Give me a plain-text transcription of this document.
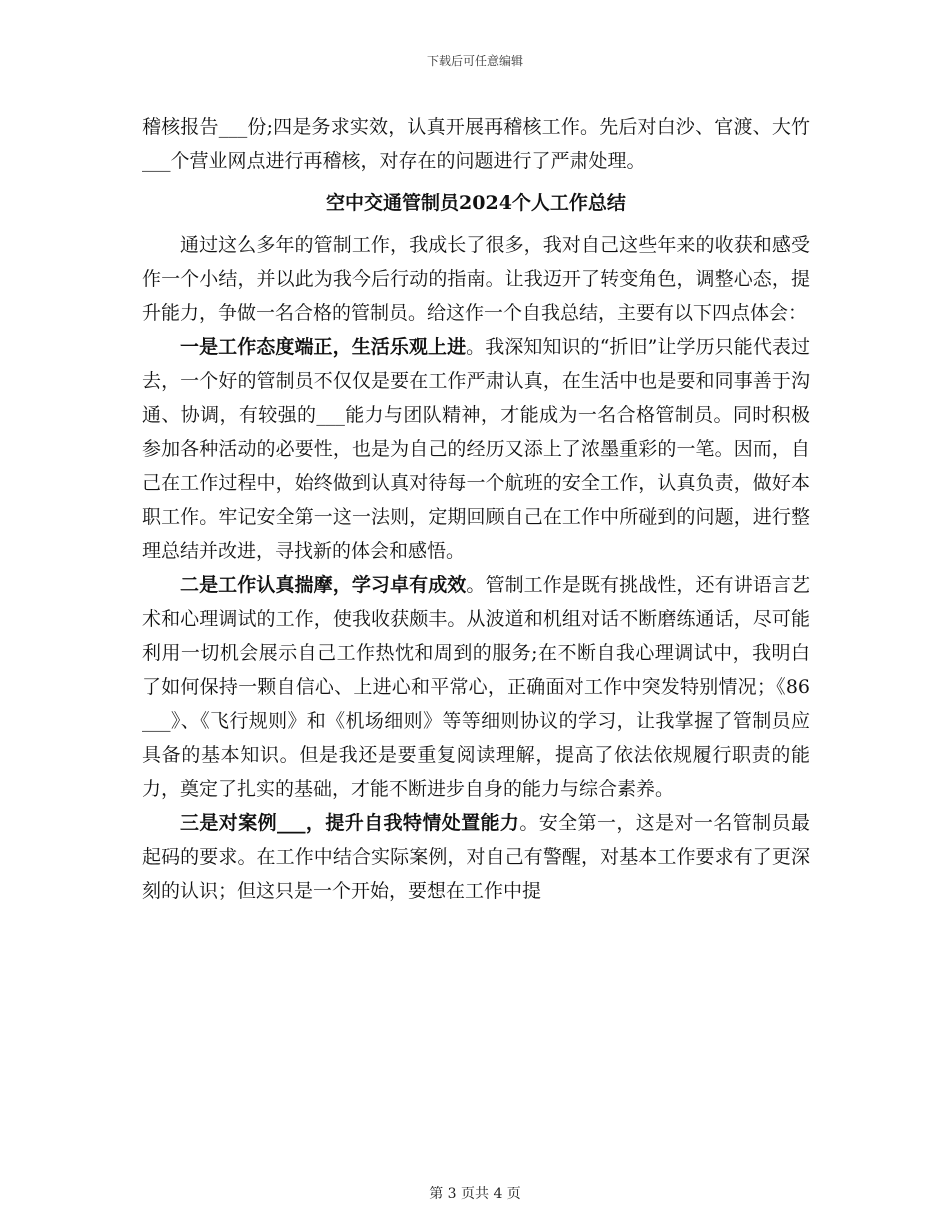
下载后可任意编辑

稽核报告___份;四是务求实效，认真开展再稽核工作。先后对白沙、官渡、大竹___个营业网点进行再稽核，对存在的问题进行了严肃处理。

空中交通管制员2024个人工作总结

通过这么多年的管制工作，我成长了很多，我对自己这些年来的收获和感受作一个小结，并以此为我今后行动的指南。让我迈开了转变角色，调整心态，提升能力，争做一名合格的管制员。给这作一个自我总结，主要有以下四点体会：

一是工作态度端正，生活乐观上进。我深知知识的“折旧”让学历只能代表过去，一个好的管制员不仅仅是要在工作严肃认真，在生活中也是要和同事善于沟通、协调，有较强的___能力与团队精神，才能成为一名合格管制员。同时积极参加各种活动的必要性，也是为自己的经历又添上了浓墨重彩的一笔。因而，自己在工作过程中，始终做到认真对待每一个航班的安全工作，认真负责，做好本职工作。牢记安全第一这一法则，定期回顾自己在工作中所碰到的问题，进行整理总结并改进，寻找新的体会和感悟。

二是工作认真揣摩，学习卓有成效。管制工作是既有挑战性，还有讲语言艺术和心理调试的工作，使我收获颇丰。从波道和机组对话不断磨练通话，尽可能利用一切机会展示自己工作热忱和周到的服务;在不断自我心理调试中，我明白了如何保持一颗自信心、上进心和平常心，正确面对工作中突发特别情况；《86___》、《飞行规则》和《机场细则》等等细则协议的学习，让我掌握了管制员应具备的基本知识。但是我还是要重复阅读理解，提高了依法依规履行职责的能力，奠定了扎实的基础，才能不断进步自身的能力与综合素养。

三是对案例___，提升自我特情处置能力。安全第一，这是对一名管制员最起码的要求。在工作中结合实际案例，对自己有警醒，对基本工作要求有了更深刻的认识；但这只是一个开始，要想在工作中提

第 3 页共 4 页
